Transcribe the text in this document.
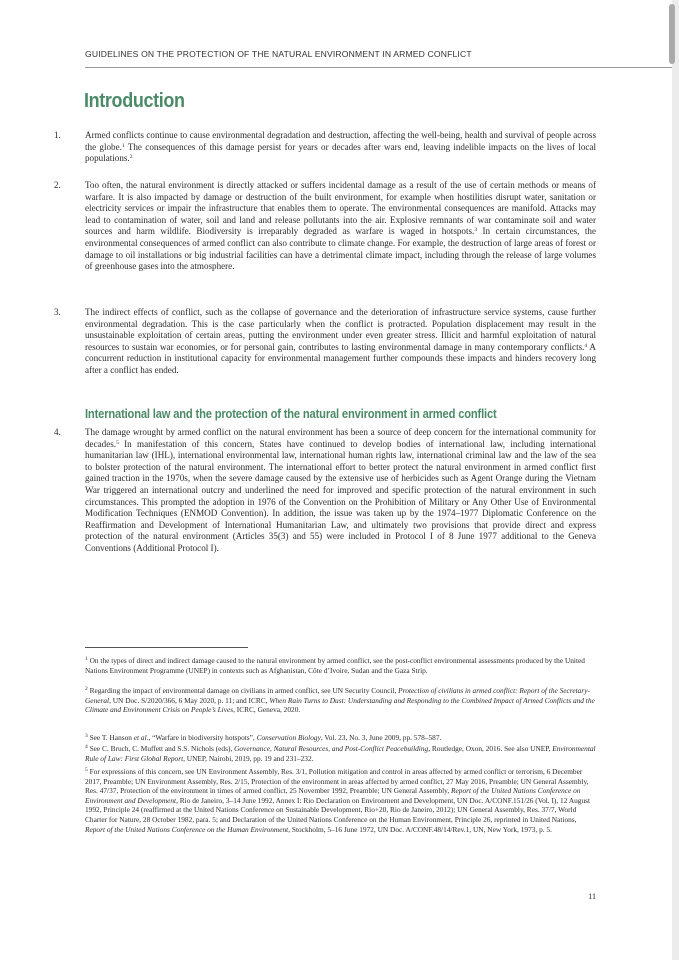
GUIDELINES ON THE PROTECTION OF THE NATURAL ENVIRONMENT IN ARMED CONFLICT
Introduction
1.	Armed conflicts continue to cause environmental degradation and destruction, affecting the well-being, health and survival of people across the globe.$^1$ The consequences of this damage persist for years or decades after wars end, leaving indelible impacts on the lives of local populations.$^2$
2.	Too often, the natural environment is directly attacked or suffers incidental damage as a result of the use of certain methods or means of warfare. It is also impacted by damage or destruction of the built environment, for example when hostilities disrupt water, sanitation or electricity services or impair the infrastructure that enables them to operate. The environmental consequences are manifold. Attacks may lead to contamination of water, soil and land and release pollutants into the air. Explosive remnants of war contaminate soil and water sources and harm wildlife. Biodiversity is irreparably degraded as warfare is waged in hotspots.$^3$ In certain circumstances, the environmental consequences of armed conflict can also contribute to climate change. For example, the destruction of large areas of forest or damage to oil installations or big industrial facilities can have a detrimental climate impact, including through the release of large volumes of greenhouse gases into the atmosphere.
3.	The indirect effects of conflict, such as the collapse of governance and the deterioration of infrastructure service systems, cause further environmental degradation. This is the case particularly when the conflict is protracted. Population displacement may result in the unsustainable exploitation of certain areas, putting the environment under even greater stress. Illicit and harmful exploitation of natural resources to sustain war economies, or for personal gain, contributes to lasting environmental damage in many contemporary conflicts.$^4$ A concurrent reduction in institutional capacity for environmental management further compounds these impacts and hinders recovery long after a conflict has ended.
International law and the protection of the natural environment in armed conflict
4.	The damage wrought by armed conflict on the natural environment has been a source of deep concern for the international community for decades.$^5$ In manifestation of this concern, States have continued to develop bodies of international law, including international humanitarian law (IHL), international environmental law, international human rights law, international criminal law and the law of the sea to bolster protection of the natural environment. The international effort to better protect the natural environment in armed conflict first gained traction in the 1970s, when the severe damage caused by the extensive use of herbicides such as Agent Orange during the Vietnam War triggered an international outcry and underlined the need for improved and specific protection of the natural environment in such circumstances. This prompted the adoption in 1976 of the Convention on the Prohibition of Military or Any Other Use of Environmental Modification Techniques (ENMOD Convention). In addition, the issue was taken up by the 1974–1977 Diplomatic Conference on the Reaffirmation and Development of International Humanitarian Law, and ultimately two provisions that provide direct and express protection of the natural environment (Articles 35(3) and 55) were included in Protocol I of 8 June 1977 additional to the Geneva Conventions (Additional Protocol I).
$^1$ On the types of direct and indirect damage caused to the natural environment by armed conflict, see the post-conflict environmental assessments produced by the United Nations Environment Programme (UNEP) in contexts such as Afghanistan, Côte d’Ivoire, Sudan and the Gaza Strip.
$^2$ Regarding the impact of environmental damage on civilians in armed conflict, see UN Security Council, Protection of civilians in armed conflict: Report of the Secretary-General, UN Doc. S/2020/366, 6 May 2020, p. 11; and ICRC, When Rain Turns to Dust: Understanding and Responding to the Combined Impact of Armed Conflicts and the Climate and Environment Crisis on People’s Lives, ICRC, Geneva, 2020.
$^3$ See T. Hanson et al., “Warfare in biodiversity hotspots”, Conservation Biology, Vol. 23, No. 3, June 2009, pp. 578–587.
$^4$ See C. Bruch, C. Muffett and S.S. Nichols (eds), Governance, Natural Resources, and Post-Conflict Peacebuilding, Routledge, Oxon, 2016. See also UNEP, Environmental Rule of Law: First Global Report, UNEP, Nairobi, 2019, pp. 19 and 231–232.
$^5$ For expressions of this concern, see UN Environment Assembly, Res. 3/1, Pollution mitigation and control in areas affected by armed conflict or terrorism, 6 December 2017, Preamble; UN Environment Assembly, Res. 2/15, Protection of the environment in areas affected by armed conflict, 27 May 2016, Preamble; UN General Assembly, Res. 47/37, Protection of the environment in times of armed conflict, 25 November 1992, Preamble; UN General Assembly, Report of the United Nations Conference on Environment and Development, Rio de Janeiro, 3–14 June 1992, Annex I: Rio Declaration on Environment and Development, UN Doc. A/CONF.151/26 (Vol. I), 12 August 1992, Principle 24 (reaffirmed at the United Nations Conference on Sustainable Development, Rio+20, Rio de Janeiro, 2012); UN General Assembly, Res. 37/7, World Charter for Nature, 28 October 1982, para. 5; and Declaration of the United Nations Conference on the Human Environment, Principle 26, reprinted in United Nations, Report of the United Nations Conference on the Human Environment, Stockholm, 5–16 June 1972, UN Doc. A/CONF.48/14/Rev.1, UN, New York, 1973, p. 5.
11
